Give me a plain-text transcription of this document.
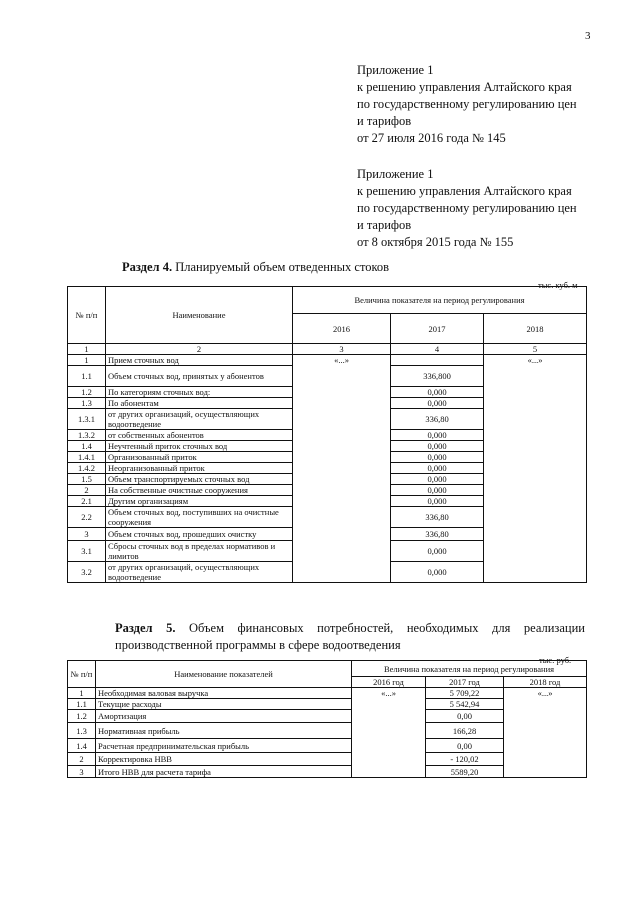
3
Приложение 1
к решению управления Алтайского края
по государственному регулированию цен
и тарифов
от 27 июля 2016 года № 145
Приложение 1
к решению управления Алтайского края
по государственному регулированию цен
и тарифов
от 8 октября 2015 года № 155
Раздел 4. Планируемый объем отведенных стоков
тыс. куб. м
№ п/п	Наименование	Величина показателя на период регулирования		
		2016	2017	2018
1	2	3	4	5
1	Прием сточных вод	«...»		«...»
1.1	Объем сточных вод, принятых у абонентов		336,800	
1.2	По категориям сточных вод:		0,000	
1.3	По абонентам		0,000	
1.3.1	от других организаций, осуществляющих водоотведение		336,80	
1.3.2	от собственных абонентов		0,000	
1.4	Неучтенный приток сточных вод		0,000	
1.4.1	Организованный приток		0,000	
1.4.2	Неорганизованный приток		0,000	
1.5	Объем транспортируемых сточных вод		0,000	
2	На собственные очистные сооружения		0,000	
2.1	Другим организациям		0,000	
2.2	Объем сточных вод, поступивших на очистные сооружения		336,80	
3	Объем сточных вод, прошедших очистку		336,80	
3.1	Сбросы сточных вод в пределах нормативов и лимитов		0,000	
3.2	от других организаций, осуществляющих водоотведение		0,000	
Раздел 5. Объем финансовых потребностей, необходимых для реализации производственной программы в сфере водоотведения
тыс. руб.
№ п/п	Наименование показателей	Величина показателя на период регулирования		
		2016 год	2017 год	2018 год
1	Необходимая валовая выручка	«...»	5 709,22	«...»
1.1	Текущие расходы		5 542,94	
1.2	Амортизация		0,00	
1.3	Нормативная прибыль		166,28	
1.4	Расчетная предпринимательская прибыль		0,00	
2	Корректировка НВВ		- 120,02	
3	Итого НВВ для расчета тарифа		5589,20	
